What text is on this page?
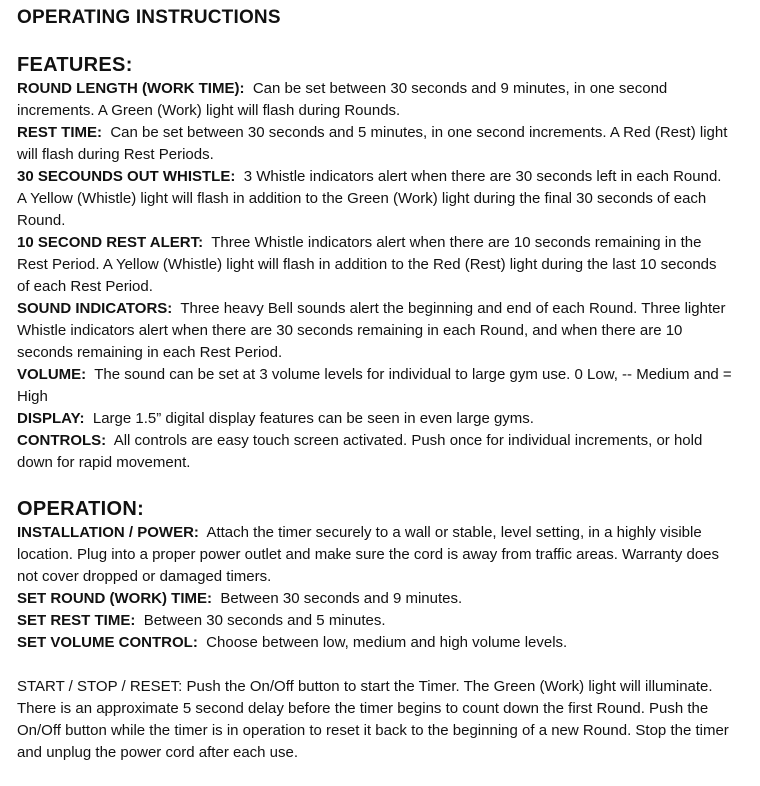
OPERATING INSTRUCTIONS
FEATURES:

ROUND LENGTH (WORK TIME): Can be set between 30 seconds and 9 minutes, in one second increments. A Green (Work) light will flash during Rounds.

REST TIME: Can be set between 30 seconds and 5 minutes, in one second increments. A Red (Rest) light will flash during Rest Periods.

30 SECOUNDS OUT WHISTLE: 3 Whistle indicators alert when there are 30 seconds left in each Round. A Yellow (Whistle) light will flash in addition to the Green (Work) light during the final 30 seconds of each Round.

10 SECOND REST ALERT: Three Whistle indicators alert when there are 10 seconds remaining in the Rest Period. A Yellow (Whistle) light will flash in addition to the Red (Rest) light during the last 10 seconds of each Rest Period.

SOUND INDICATORS: Three heavy Bell sounds alert the beginning and end of each Round. Three lighter Whistle indicators alert when there are 30 seconds remaining in each Round, and when there are 10 seconds remaining in each Rest Period.

VOLUME: The sound can be set at 3 volume levels for individual to large gym use. 0 Low, -- Medium and = High

DISPLAY: Large 1.5” digital display features can be seen in even large gyms.

CONTROLS: All controls are easy touch screen activated. Push once for individual increments, or hold down for rapid movement.

OPERATION:

INSTALLATION / POWER: Attach the timer securely to a wall or stable, level setting, in a highly visible location. Plug into a proper power outlet and make sure the cord is away from traffic areas. Warranty does not cover dropped or damaged timers.

SET ROUND (WORK) TIME: Between 30 seconds and 9 minutes.

SET REST TIME: Between 30 seconds and 5 minutes.

SET VOLUME CONTROL: Choose between low, medium and high volume levels.

START / STOP / RESET: Push the On/Off button to start the Timer. The Green (Work) light will illuminate. There is an approximate 5 second delay before the timer begins to count down the first Round. Push the On/Off button while the timer is in operation to reset it back to the beginning of a new Round. Stop the timer and unplug the power cord after each use.
